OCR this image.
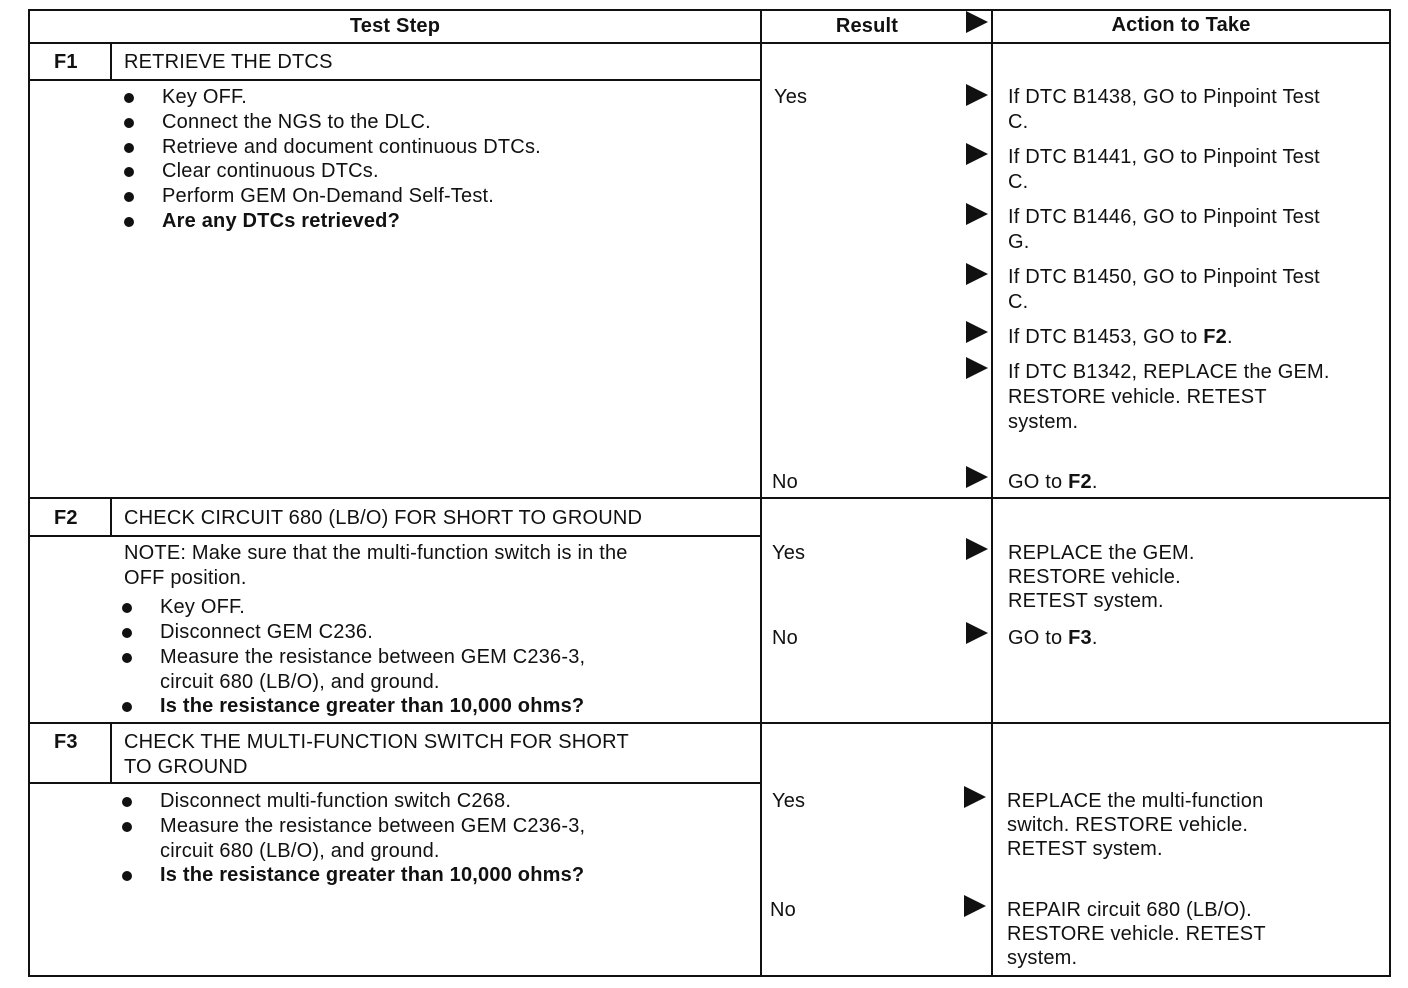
Test Step	Result	Action to Take
F1 RETRIEVE THE DTCS
Key OFF.
Connect the NGS to the DLC.
Retrieve and document continuous DTCs.
Clear continuous DTCs.
Perform GEM On-Demand Self-Test.
Are any DTCs retrieved?
Yes
No
If DTC B1438, GO to Pinpoint Test
C.
If DTC B1441, GO to Pinpoint Test
C.
If DTC B1446, GO to Pinpoint Test
G.
If DTC B1450, GO to Pinpoint Test
C.
If DTC B1453, GO to F2.
If DTC B1342, REPLACE the GEM.
RESTORE vehicle. RETEST
system.
GO to F2.
F2 CHECK CIRCUIT 680 (LB/O) FOR SHORT TO GROUND
NOTE: Make sure that the multi-function switch is in the
OFF position.
Key OFF.
Disconnect GEM C236.
Measure the resistance between GEM C236-3,
circuit 680 (LB/O), and ground.
Is the resistance greater than 10,000 ohms?
Yes
No
REPLACE the GEM.
RESTORE vehicle.
RETEST system.
GO to F3.
F3 CHECK THE MULTI-FUNCTION SWITCH FOR SHORT
TO GROUND
Disconnect multi-function switch C268.
Measure the resistance between GEM C236-3,
circuit 680 (LB/O), and ground.
Is the resistance greater than 10,000 ohms?
Yes
No
REPLACE the multi-function
switch. RESTORE vehicle.
RETEST system.
REPAIR circuit 680 (LB/O).
RESTORE vehicle. RETEST
system.
